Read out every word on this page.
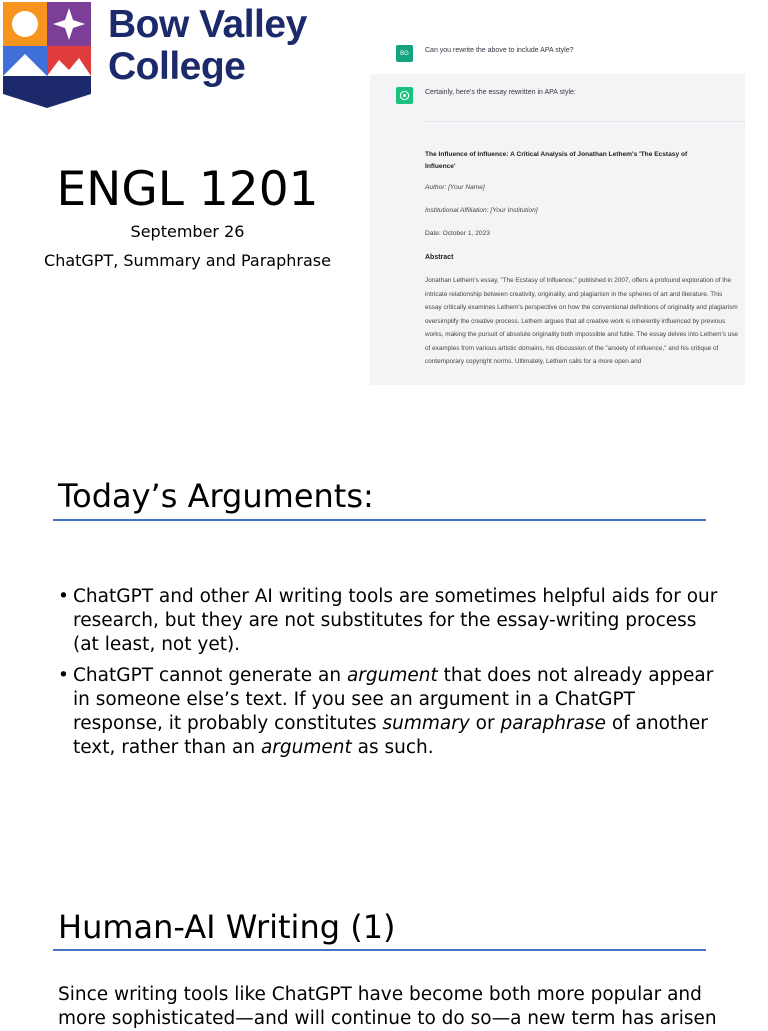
Bow Valley
College
ENGL 1201
September 26
ChatGPT, Summary and Paraphrase
BG	Can you rewrite the above to include APA style?
Certainly, here's the essay rewritten in APA style:
The Influence of Influence: A Critical Analysis of Jonathan Lethem's 'The Ecstasy of Influence'
Author: [Your Name]
Institutional Affiliation: [Your Institution]
Date: October 1, 2023
Abstract
Jonathan Lethem's essay, "The Ecstasy of Influence," published in 2007, offers a profound exploration of the intricate relationship between creativity, originality, and plagiarism in the spheres of art and literature. This essay critically examines Lethem's perspective on how the conventional definitions of originality and plagiarism oversimplify the creative process. Lethem argues that all creative work is inherently influenced by previous works, making the pursuit of absolute originality both impossible and futile. The essay delves into Lethem's use of examples from various artistic domains, his discussion of the "anxiety of influence," and his critique of contemporary copyright norms. Ultimately, Lethem calls for a more open and
Today’s Arguments:
• ChatGPT and other AI writing tools are sometimes helpful aids for our research, but they are not substitutes for the essay-writing process (at least, not yet).
• ChatGPT cannot generate an argument that does not already appear in someone else’s text. If you see an argument in a ChatGPT response, it probably constitutes summary or paraphrase of another text, rather than an argument as such.
Human-AI Writing (1)
Since writing tools like ChatGPT have become both more popular and more sophisticated—and will continue to do so—a new term has arisen
